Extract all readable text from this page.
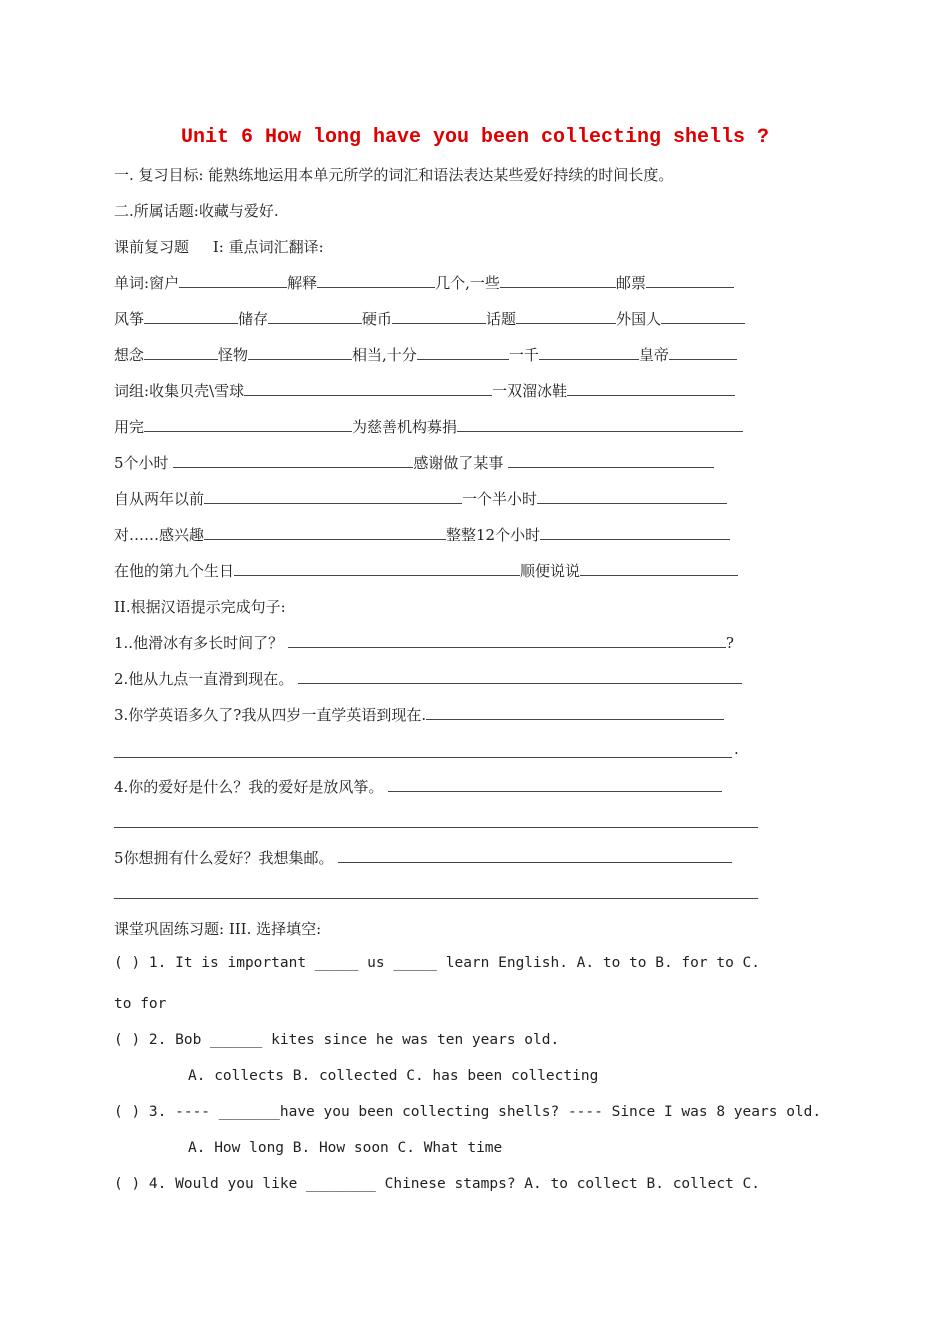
Unit 6 How long have you been collecting shells ?
一. 复习目标: 能熟练地运用本单元所学的词汇和语法表达某些爱好持续的时间长度。
二.所属话题:收藏与爱好.
课前复习题 I: 重点词汇翻译:
单词:窗户	解释	几个,一些	邮票
风筝	储存	硬币	话题	外国人
想念	怪物	相当,十分	一千	皇帝
词组:收集贝壳\雪球	一双溜冰鞋
用完	为慈善机构募捐
5个小时	感谢做了某事
自从两年以前	一个半小时
对……感兴趣	整整12个小时
在他的第九个生日	顺便说说
II.根据汉语提示完成句子:
1..他滑冰有多长时间了？	?
2.他从九点一直滑到现在。
3.你学英语多久了?我从四岁一直学英语到现在.
.
4.你的爱好是什么？我的爱好是放风筝。
5你想拥有什么爱好？我想集邮。
课堂巩固练习题: III. 选择填空:
( ) 1. It is important _____ us _____ learn English. A. to to B. for to C.
to for
( ) 2. Bob ______ kites since he was ten years old.
A. collects B. collected C. has been collecting
( ) 3. ---- _______have you been collecting shells? ---- Since I was 8 years old.
A. How long B. How soon C. What time
( ) 4. Would you like ________ Chinese stamps? A. to collect B. collect C.
